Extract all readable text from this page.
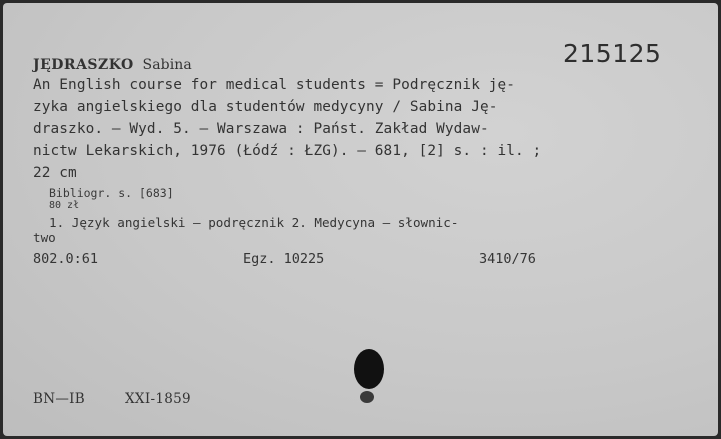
215125
JĘDRASZKO Sabina
An English course for medical students = Podręcznik ję-
zyka angielskiego dla studentów medycyny / Sabina Ję-
draszko. – Wyd. 5. – Warszawa : Państ. Zakład Wydaw-
nictw Lekarskich, 1976 (Łódź : ŁZG). – 681, [2] s. : il. ;
22 cm
Bibliogr. s. [683]
80 zł
1. Język angielski – podręcznik 2. Medycyna – słownic-
two
802.0:61	Egz. 10225	3410/76
BN—IB	XXI-1859
